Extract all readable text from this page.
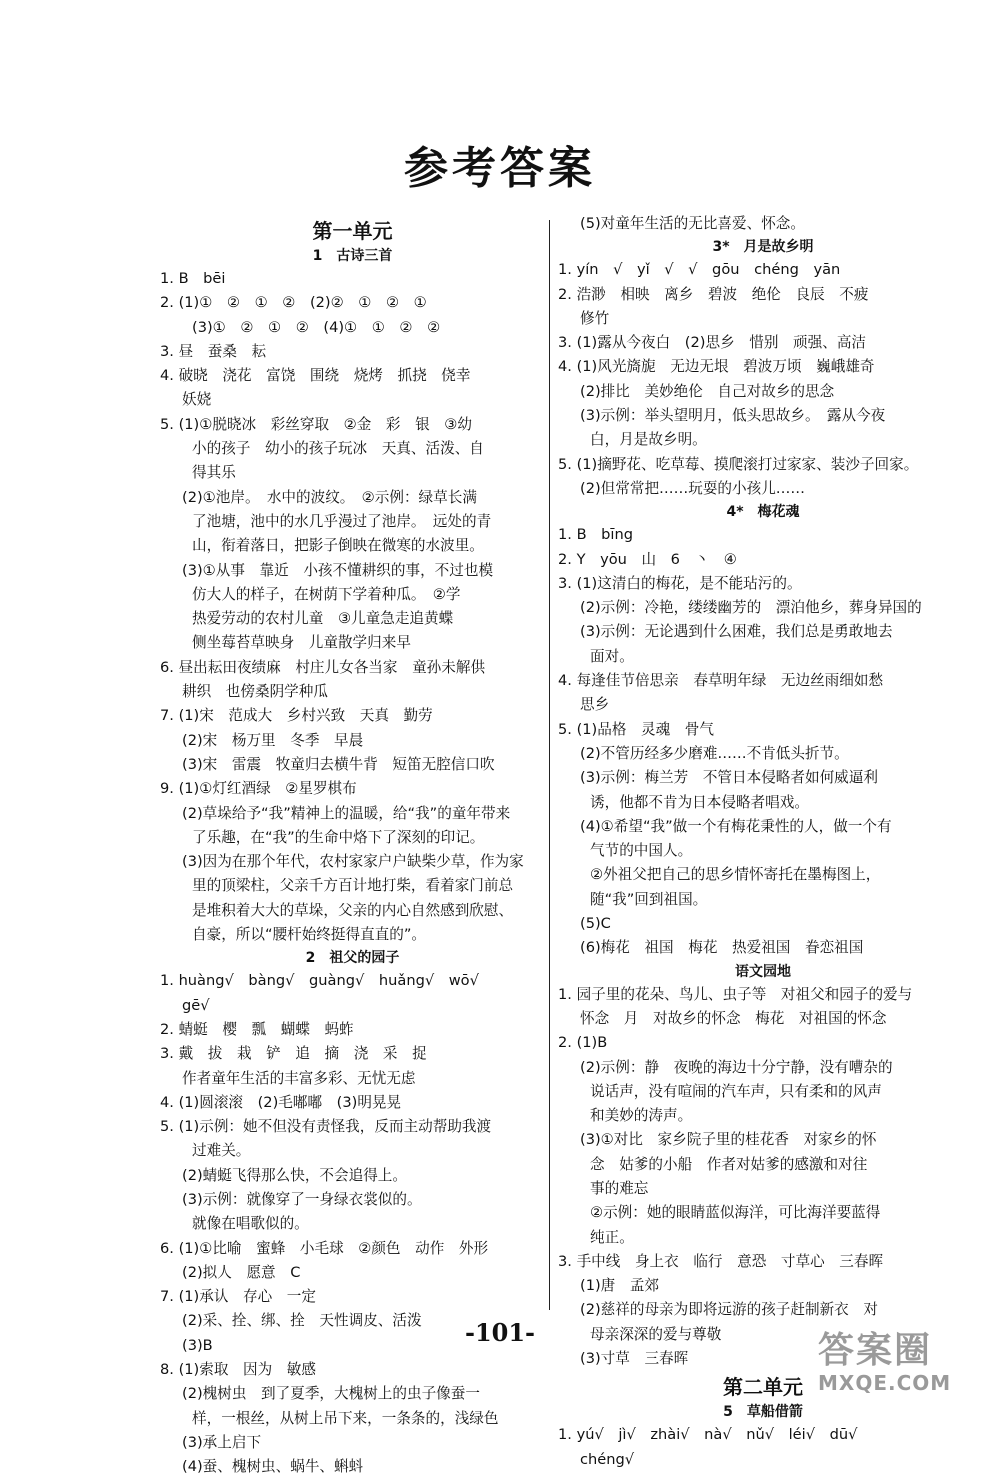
参考答案
第一单元
1　古诗三首
1. B　bēi
2. (1)①　②　①　②　(2)②　①　②　①
(3)①　②　①　②　(4)①　①　②　②
3. 昼　蚕桑　耘
4. 破晓　浇花　富饶　围绕　烧烤　抓挠　侥幸
妖娆
5. (1)①脱晓冰　彩丝穿取　②金　彩　银　③幼
小的孩子　幼小的孩子玩冰　天真、活泼、自
得其乐
(2)①池岸。　水中的波纹。　②示例：绿草长满
了池塘，池中的水几乎漫过了池岸。　远处的青
山，衔着落日，把影子倒映在微寒的水波里。
(3)①从事　靠近　小孩不懂耕织的事，不过也模
仿大人的样子，在树荫下学着种瓜。　②学
热爱劳动的农村儿童　③儿童急走追黄蝶
侧坐莓苔草映身　儿童散学归来早
6. 昼出耘田夜绩麻　村庄儿女各当家　童孙未解供
耕织　也傍桑阴学种瓜
7. (1)宋　范成大　乡村兴致　天真　勤劳
(2)宋　杨万里　冬季　早晨
(3)宋　雷震　牧童归去横牛背　短笛无腔信口吹
9. (1)①灯红酒绿　②星罗棋布
(2)草垛给予“我”精神上的温暖，给“我”的童年带来
了乐趣，在“我”的生命中烙下了深刻的印记。
(3)因为在那个年代，农村家家户户缺柴少草，作为家
里的顶梁柱，父亲千方百计地打柴，看着家门前总
是堆积着大大的草垛，父亲的内心自然感到欣慰、
自豪，所以“腰杆始终挺得直直的”。
2　祖父的园子
1. huàng√　bàng√　guàng√　huǎng√　wō√
gē√
2. 蜻蜓　樱　瓢　蝴蝶　蚂蚱
3. 戴　拔　栽　铲　追　摘　浇　采　捉
作者童年生活的丰富多彩、无忧无虑
4. (1)圆滚滚　(2)毛嘟嘟　(3)明晃晃
5. (1)示例：她不但没有责怪我，反而主动帮助我渡
过难关。
(2)蜻蜓飞得那么快，不会追得上。
(3)示例：就像穿了一身绿衣裳似的。
就像在唱歌似的。
6. (1)①比喻　蜜蜂　小毛球　②颜色　动作　外形
(2)拟人　愿意　C
7. (1)承认　存心　一定
(2)采、拴、绑、拴　天性调皮、活泼
(3)B
8. (1)索取　因为　敏感
(2)槐树虫　到了夏季，大槐树上的虫子像蚕一
样，一根丝，从树上吊下来，一条条的，浅绿色
(3)承上启下
(4)蚕、槐树虫、蜗牛、蝌蚪
(5)对童年生活的无比喜爱、怀念。
3*　月是故乡明
1. yín　√　yǐ　√　√　gōu　chéng　yān
2. 浩渺　相映　离乡　碧波　绝伦　良辰　不疲
修竹
3. (1)露从今夜白　(2)思乡　惜别　顽强、高洁
4. (1)风光旖旎　无边无垠　碧波万顷　巍峨雄奇
(2)排比　美妙绝伦　自己对故乡的思念
(3)示例：举头望明月，低头思故乡。　露从今夜
白，月是故乡明。
5. (1)摘野花、吃草莓、摸爬滚打过家家、装沙子回家。
(2)但常常把……玩耍的小孩儿……
4*　梅花魂
1. B　bīng
2. Y　yōu　山　6　丶　④
3. (1)这清白的梅花，是不能玷污的。
(2)示例：冷艳，缕缕幽芳的　漂泊他乡，葬身异国的
(3)示例：无论遇到什么困难，我们总是勇敢地去
面对。
4. 每逢佳节倍思亲　春草明年绿　无边丝雨细如愁
思乡
5. (1)品格　灵魂　骨气
(2)不管历经多少磨难……不肯低头折节。
(3)示例：梅兰芳　不管日本侵略者如何威逼利
诱，他都不肯为日本侵略者唱戏。
(4)①希望“我”做一个有梅花秉性的人，做一个有
气节的中国人。
②外祖父把自己的思乡情怀寄托在墨梅图上，
随“我”回到祖国。
(5)C
(6)梅花　祖国　梅花　热爱祖国　眷恋祖国
语文园地
1. 园子里的花朵、鸟儿、虫子等　对祖父和园子的爱与
怀念　月　对故乡的怀念　梅花　对祖国的怀念
2. (1)B
(2)示例：静　夜晚的海边十分宁静，没有嘈杂的
说话声，没有喧闹的汽车声，只有柔和的风声
和美妙的涛声。
(3)①对比　家乡院子里的桂花香　对家乡的怀
念　姑爹的小船　作者对姑爹的感激和对往
事的难忘
②示例：她的眼睛蓝似海洋，可比海洋要蓝得
纯正。
3. 手中线　身上衣　临行　意恐　寸草心　三春晖
(1)唐　孟郊
(2)慈祥的母亲为即将远游的孩子赶制新衣　对
母亲深深的爱与尊敬
(3)寸草　三春晖
第二单元
5　草船借箭
1. yú√　jì√　zhài√　nà√　nǔ√　léi√　dū√
chéng√
-101-	答案圈
MXQE.COM
